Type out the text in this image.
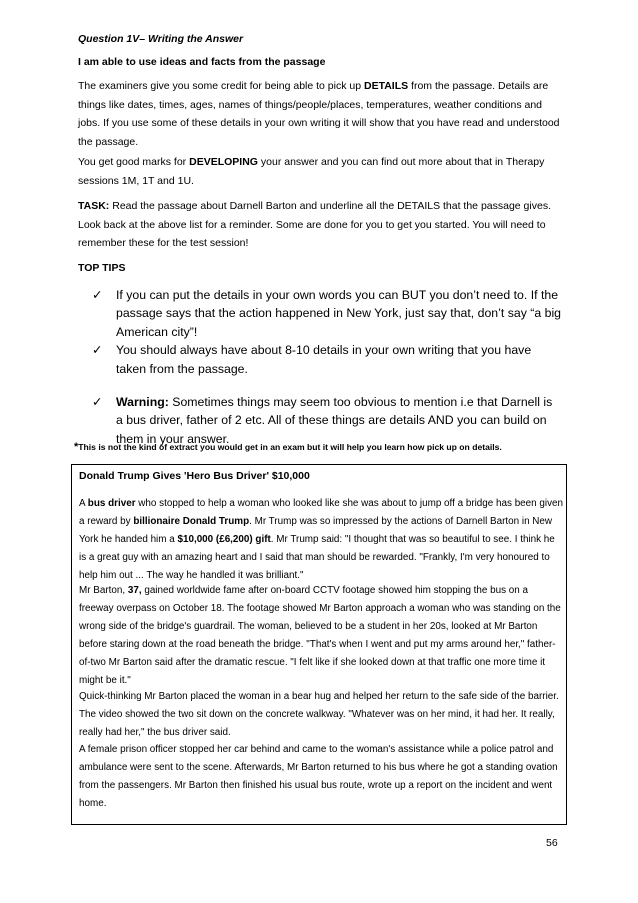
Question 1V– Writing the Answer
I am able to use ideas and facts from the passage
The examiners give you some credit for being able to pick up DETAILS from the passage. Details are things like dates, times, ages, names of things/people/places, temperatures, weather conditions and jobs. If you use some of these details in your own writing it will show that you have read and understood the passage.
You get good marks for DEVELOPING your answer and you can find out more about that in Therapy sessions 1M, 1T and 1U.
TASK: Read the passage about Darnell Barton and underline all the DETAILS that the passage gives. Look back at the above list for a reminder. Some are done for you to get you started. You will need to remember these for the test session!
TOP TIPS
✓ If you can put the details in your own words you can BUT you don’t need to. If the passage says that the action happened in New York, just say that, don’t say “a big American city”!
✓ You should always have about 8-10 details in your own writing that you have taken from the passage.
✓ Warning: Sometimes things may seem too obvious to mention i.e that Darnell is a bus driver, father of 2 etc. All of these things are details AND you can build on them in your answer.
*This is not the kind of extract you would get in an exam but it will help you learn how pick up on details.
Donald Trump Gives 'Hero Bus Driver' $10,000
A bus driver who stopped to help a woman who looked like she was about to jump off a bridge has been given a reward by billionaire Donald Trump. Mr Trump was so impressed by the actions of Darnell Barton in New York he handed him a $10,000 (£6,200) gift. Mr Trump said: "I thought that was so beautiful to see. I think he is a great guy with an amazing heart and I said that man should be rewarded. "Frankly, I'm very honoured to help him out ... The way he handled it was brilliant."
Mr Barton, 37, gained worldwide fame after on-board CCTV footage showed him stopping the bus on a freeway overpass on October 18. The footage showed Mr Barton approach a woman who was standing on the wrong side of the bridge's guardrail. The woman, believed to be a student in her 20s, looked at Mr Barton before staring down at the road beneath the bridge. "That's when I went and put my arms around her," father-of-two Mr Barton said after the dramatic rescue. "I felt like if she looked down at that traffic one more time it might be it."
Quick-thinking Mr Barton placed the woman in a bear hug and helped her return to the safe side of the barrier. The video showed the two sit down on the concrete walkway. "Whatever was on her mind, it had her. It really, really had her," the bus driver said.
A female prison officer stopped her car behind and came to the woman's assistance while a police patrol and ambulance were sent to the scene. Afterwards, Mr Barton returned to his bus where he got a standing ovation from the passengers. Mr Barton then finished his usual bus route, wrote up a report on the incident and went home.
56
